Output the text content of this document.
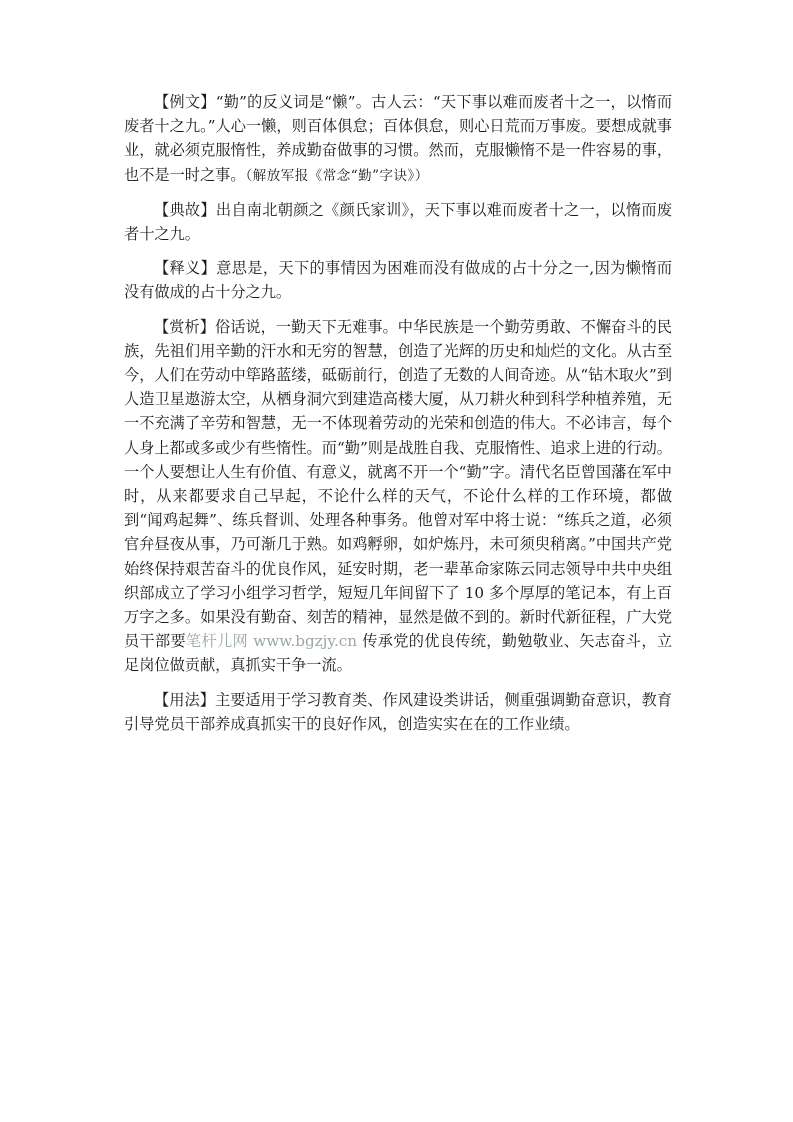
【例文】“勤”的反义词是“懒”。古人云：“天下事以难而废者十之一，以惰而废者十之九。”人心一懒，则百体俱怠；百体俱怠，则心日荒而万事废。要想成就事业，就必须克服惰性，养成勤奋做事的习惯。然而，克服懒惰不是一件容易的事，也不是一时之事。（解放军报《常念“勤”字诀》）

【典故】出自南北朝颜之《颜氏家训》，天下事以难而废者十之一，以惰而废者十之九。

【释义】意思是，天下的事情因为困难而没有做成的占十分之一,因为懒惰而没有做成的占十分之九。

【赏析】俗话说，一勤天下无难事。中华民族是一个勤劳勇敢、不懈奋斗的民族，先祖们用辛勤的汗水和无穷的智慧，创造了光辉的历史和灿烂的文化。从古至今，人们在劳动中筚路蓝缕，砥砺前行，创造了无数的人间奇迹。从“钻木取火”到人造卫星遨游太空，从栖身洞穴到建造高楼大厦，从刀耕火种到科学种植养殖，无一不充满了辛劳和智慧，无一不体现着劳动的光荣和创造的伟大。不必讳言，每个人身上都或多或少有些惰性。而“勤”则是战胜自我、克服惰性、追求上进的行动。一个人要想让人生有价值、有意义，就离不开一个“勤”字。清代名臣曾国藩在军中时，从来都要求自己早起，不论什么样的天气，不论什么样的工作环境，都做到“闻鸡起舞”、练兵督训、处理各种事务。他曾对军中将士说：“练兵之道，必须官弁昼夜从事，乃可渐几于熟。如鸡孵卵，如炉炼丹，未可须臾稍离。”中国共产党始终保持艰苦奋斗的优良作风，延安时期，老一辈革命家陈云同志领导中共中央组织部成立了学习小组学习哲学，短短几年间留下了 10 多个厚厚的笔记本，有上百万字之多。如果没有勤奋、刻苦的精神，显然是做不到的。新时代新征程，广大党员干部要笔杆儿网 www.bgzjy.cn 传承党的优良传统，勤勉敬业、矢志奋斗，立足岗位做贡献，真抓实干争一流。

【用法】主要适用于学习教育类、作风建设类讲话，侧重强调勤奋意识，教育引导党员干部养成真抓实干的良好作风，创造实实在在的工作业绩。
